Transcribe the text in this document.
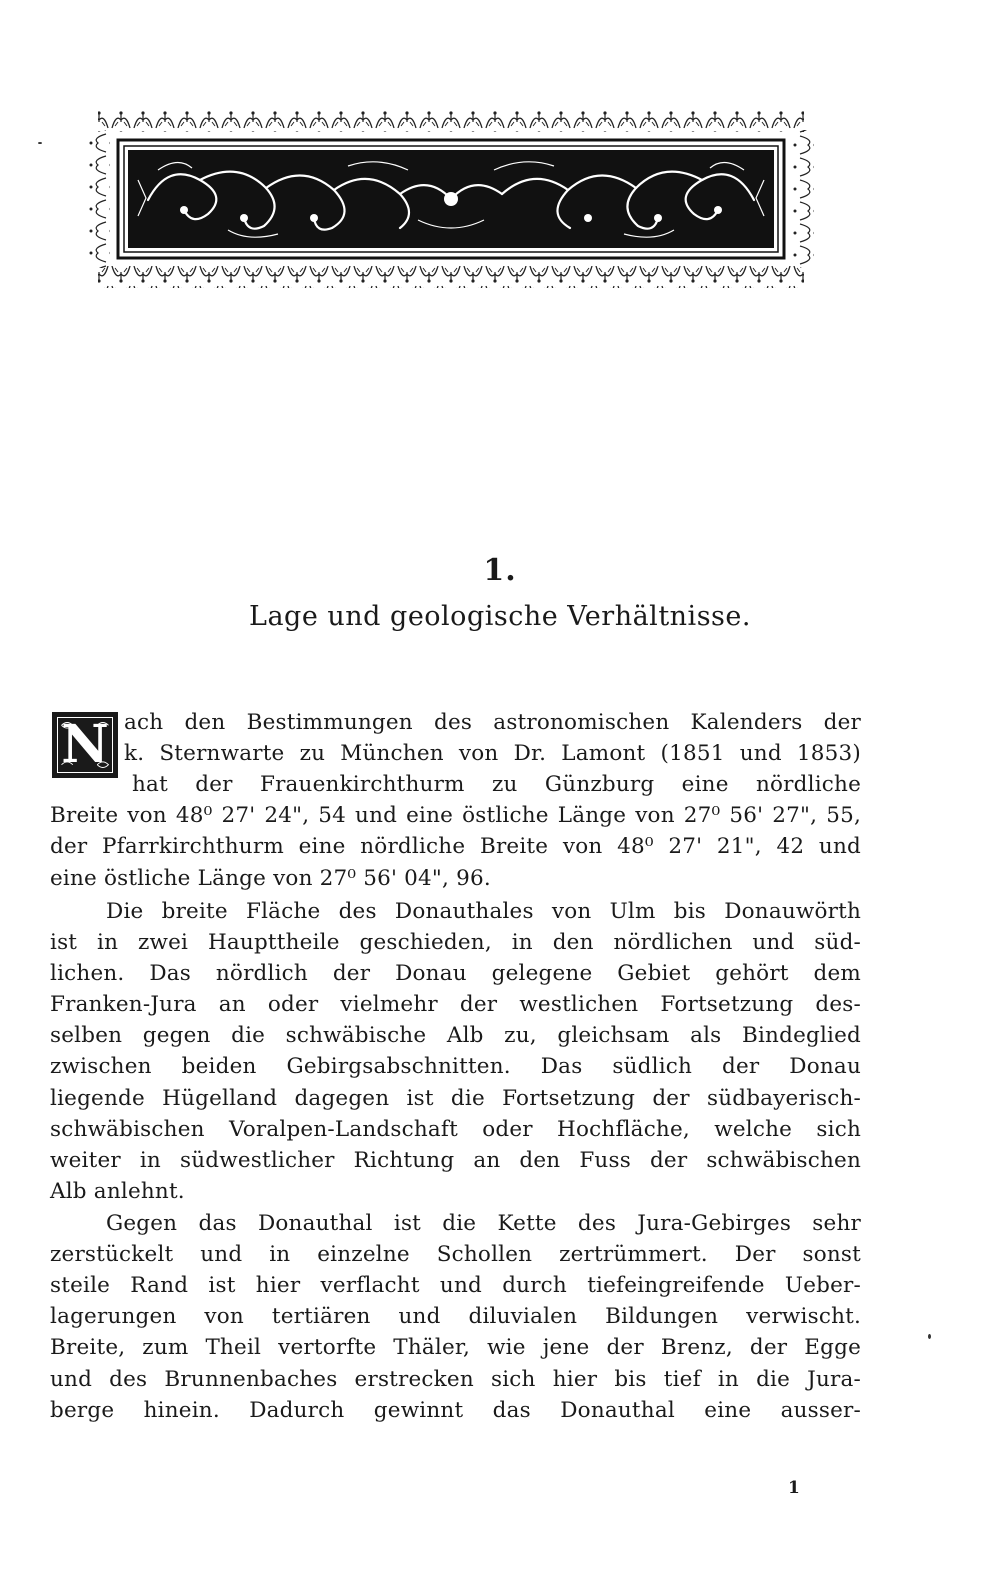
1.
Lage und geologische Verhältnisse.
N ach den Bestimmungen des astronomischen Kalenders der
k. Sternwarte zu München von Dr. Lamont (1851 und 1853)
hat der Frauenkirchthurm zu Günzburg eine nördliche
Breite von 48⁰ 27' 24", 54 und eine östliche Länge von 27⁰ 56' 27", 55,
der Pfarrkirchthurm eine nördliche Breite von 48⁰ 27' 21", 42 und
eine östliche Länge von 27⁰ 56' 04", 96.
Die breite Fläche des Donauthales von Ulm bis Donauwörth
ist in zwei Haupttheile geschieden, in den nördlichen und süd-
lichen. Das nördlich der Donau gelegene Gebiet gehört dem
Franken-Jura an oder vielmehr der westlichen Fortsetzung des-
selben gegen die schwäbische Alb zu, gleichsam als Bindeglied
zwischen beiden Gebirgsabschnitten. Das südlich der Donau
liegende Hügelland dagegen ist die Fortsetzung der südbayerisch-
schwäbischen Voralpen-Landschaft oder Hochfläche, welche sich
weiter in südwestlicher Richtung an den Fuss der schwäbischen
Alb anlehnt.
Gegen das Donauthal ist die Kette des Jura-Gebirges sehr
zerstückelt und in einzelne Schollen zertrümmert. Der sonst
steile Rand ist hier verflacht und durch tiefeingreifende Ueber-
lagerungen von tertiären und diluvialen Bildungen verwischt.
Breite, zum Theil vertorfte Thäler, wie jene der Brenz, der Egge
und des Brunnenbaches erstrecken sich hier bis tief in die Jura-
berge hinein. Dadurch gewinnt das Donauthal eine ausser-
1
